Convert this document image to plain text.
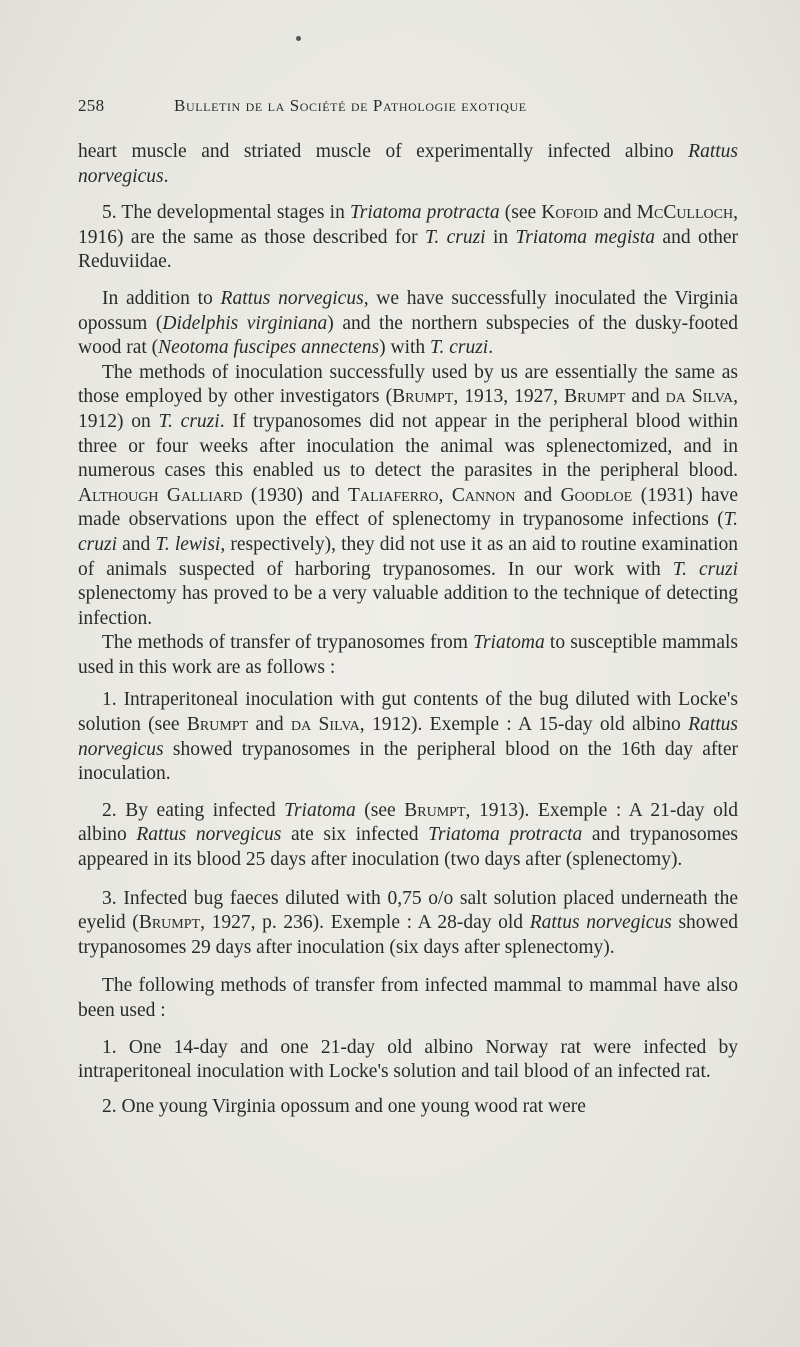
258	Bulletin de la Société de Pathologie exotique

heart muscle and striated muscle of experimentally infected albino Rattus norvegicus.

5. The developmental stages in Triatoma protracta (see Kofoid and McCulloch, 1916) are the same as those described for T. cruzi in Triatoma megista and other Reduviidae.

In addition to Rattus norvegicus, we have successfully inoculated the Virginia opossum (Didelphis virginiana) and the northern subspecies of the dusky-footed wood rat (Neotoma fuscipes annectens) with T. cruzi.

The methods of inoculation successfully used by us are essentially the same as those employed by other investigators (Brumpt, 1913, 1927, Brumpt and da Silva, 1912) on T. cruzi. If trypanosomes did not appear in the peripheral blood within three or four weeks after inoculation the animal was splenectomized, and in numerous cases this enabled us to detect the parasites in the peripheral blood. Although Galliard (1930) and Taliaferro, Cannon and Goodloe (1931) have made observations upon the effect of splenectomy in trypanosome infections (T. cruzi and T. lewisi, respectively), they did not use it as an aid to routine examination of animals suspected of harboring trypanosomes. In our work with T. cruzi splenectomy has proved to be a very valuable addition to the technique of detecting infection.

The methods of transfer of trypanosomes from Triatoma to susceptible mammals used in this work are as follows :

1. Intraperitoneal inoculation with gut contents of the bug diluted with Locke's solution (see Brumpt and da Silva, 1912). Exemple : A 15-day old albino Rattus norvegicus showed trypanosomes in the peripheral blood on the 16th day after inoculation.

2. By eating infected Triatoma (see Brumpt, 1913). Exemple : A 21-day old albino Rattus norvegicus ate six infected Triatoma protracta and trypanosomes appeared in its blood 25 days after inoculation (two days after (splenectomy).

3. Infected bug faeces diluted with 0,75 o/o salt solution placed underneath the eyelid (Brumpt, 1927, p. 236). Exemple : A 28-day old Rattus norvegicus showed trypanosomes 29 days after inoculation (six days after splenectomy).

The following methods of transfer from infected mammal to mammal have also been used :

1. One 14-day and one 21-day old albino Norway rat were infected by intraperitoneal inoculation with Locke's solution and tail blood of an infected rat.

2. One young Virginia opossum and one young wood rat were
